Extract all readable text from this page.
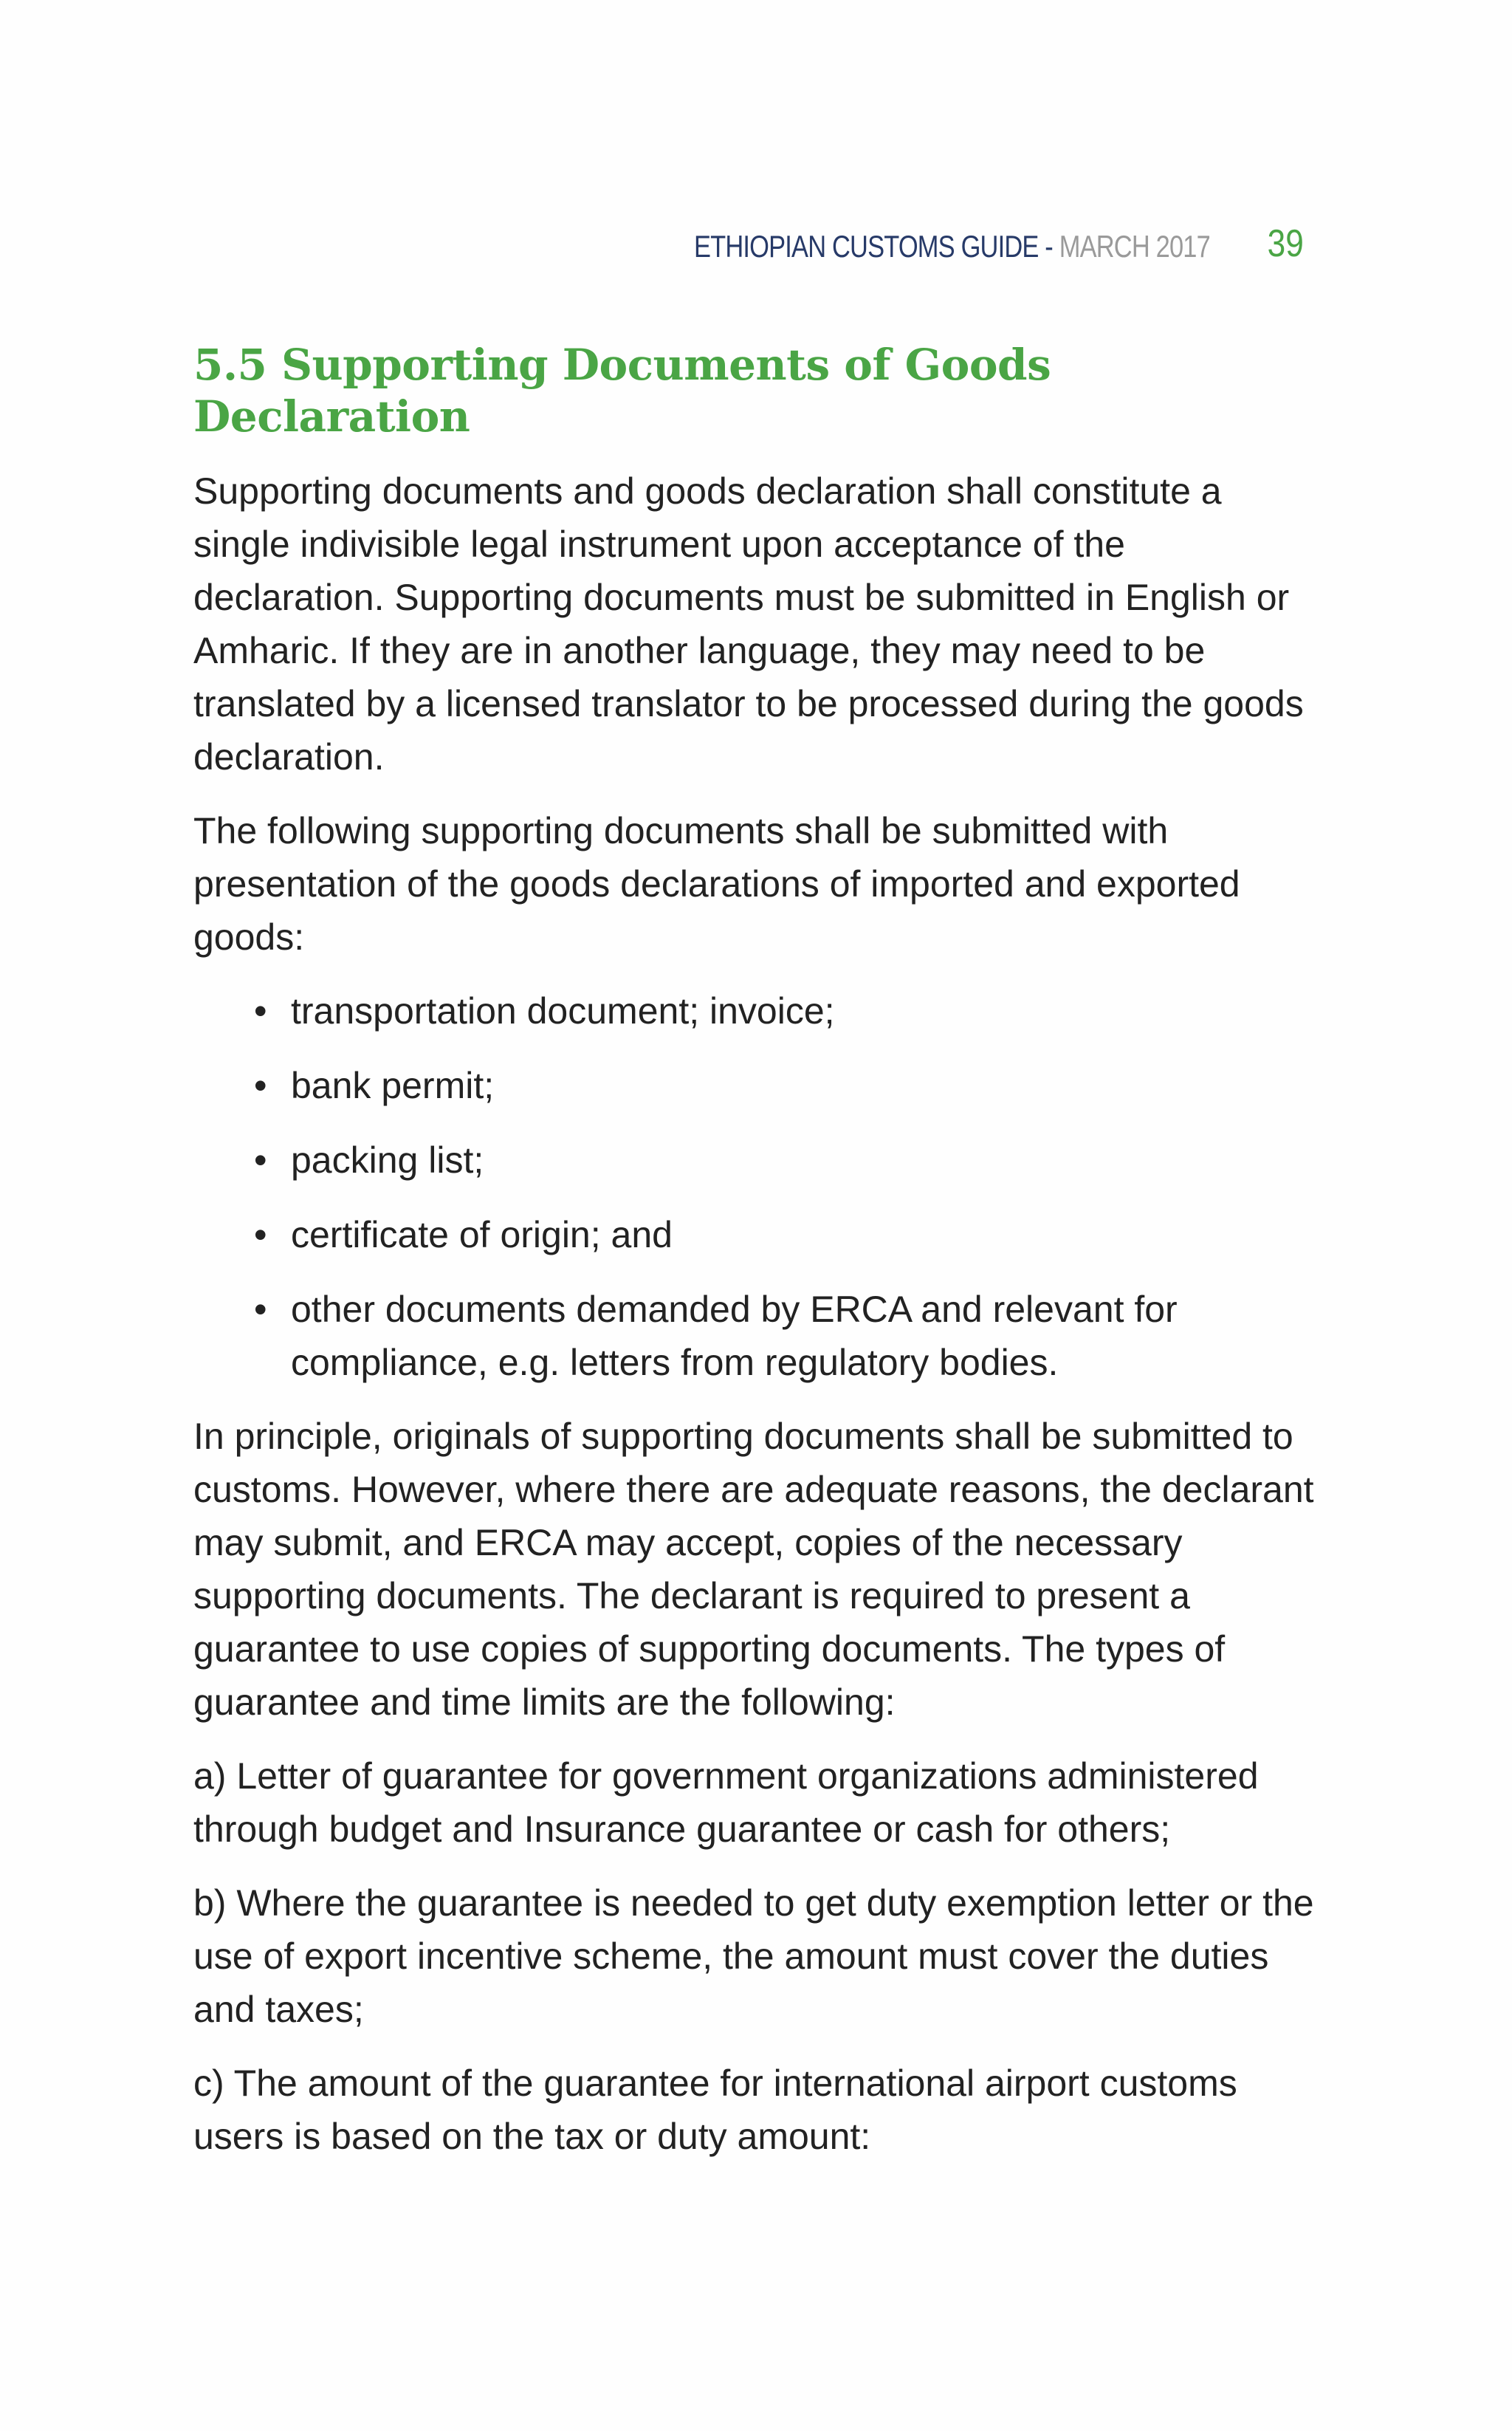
ETHIOPIAN CUSTOMS GUIDE - MARCH 2017 39
5.5 Supporting Documents of Goods Declaration

Supporting documents and goods declaration shall constitute a single indivisible legal instrument upon acceptance of the declaration. Supporting documents must be submitted in English or Amharic. If they are in another language, they may need to be translated by a licensed translator to be processed during the goods declaration.

The following supporting documents shall be submitted with presentation of the goods declarations of imported and exported goods:

• transportation document; invoice;
• bank permit;
• packing list;
• certificate of origin; and
• other documents demanded by ERCA and relevant for compliance, e.g. letters from regulatory bodies.

In principle, originals of supporting documents shall be submitted to customs. However, where there are adequate reasons, the declarant may submit, and ERCA may accept, copies of the necessary supporting documents. The declarant is required to present a guarantee to use copies of supporting documents. The types of guarantee and time limits are the following:

a) Letter of guarantee for government organizations administered through budget and Insurance guarantee or cash for others;

b) Where the guarantee is needed to get duty exemption letter or the use of export incentive scheme, the amount must cover the duties and taxes;

c) The amount of the guarantee for international airport customs users is based on the tax or duty amount:
